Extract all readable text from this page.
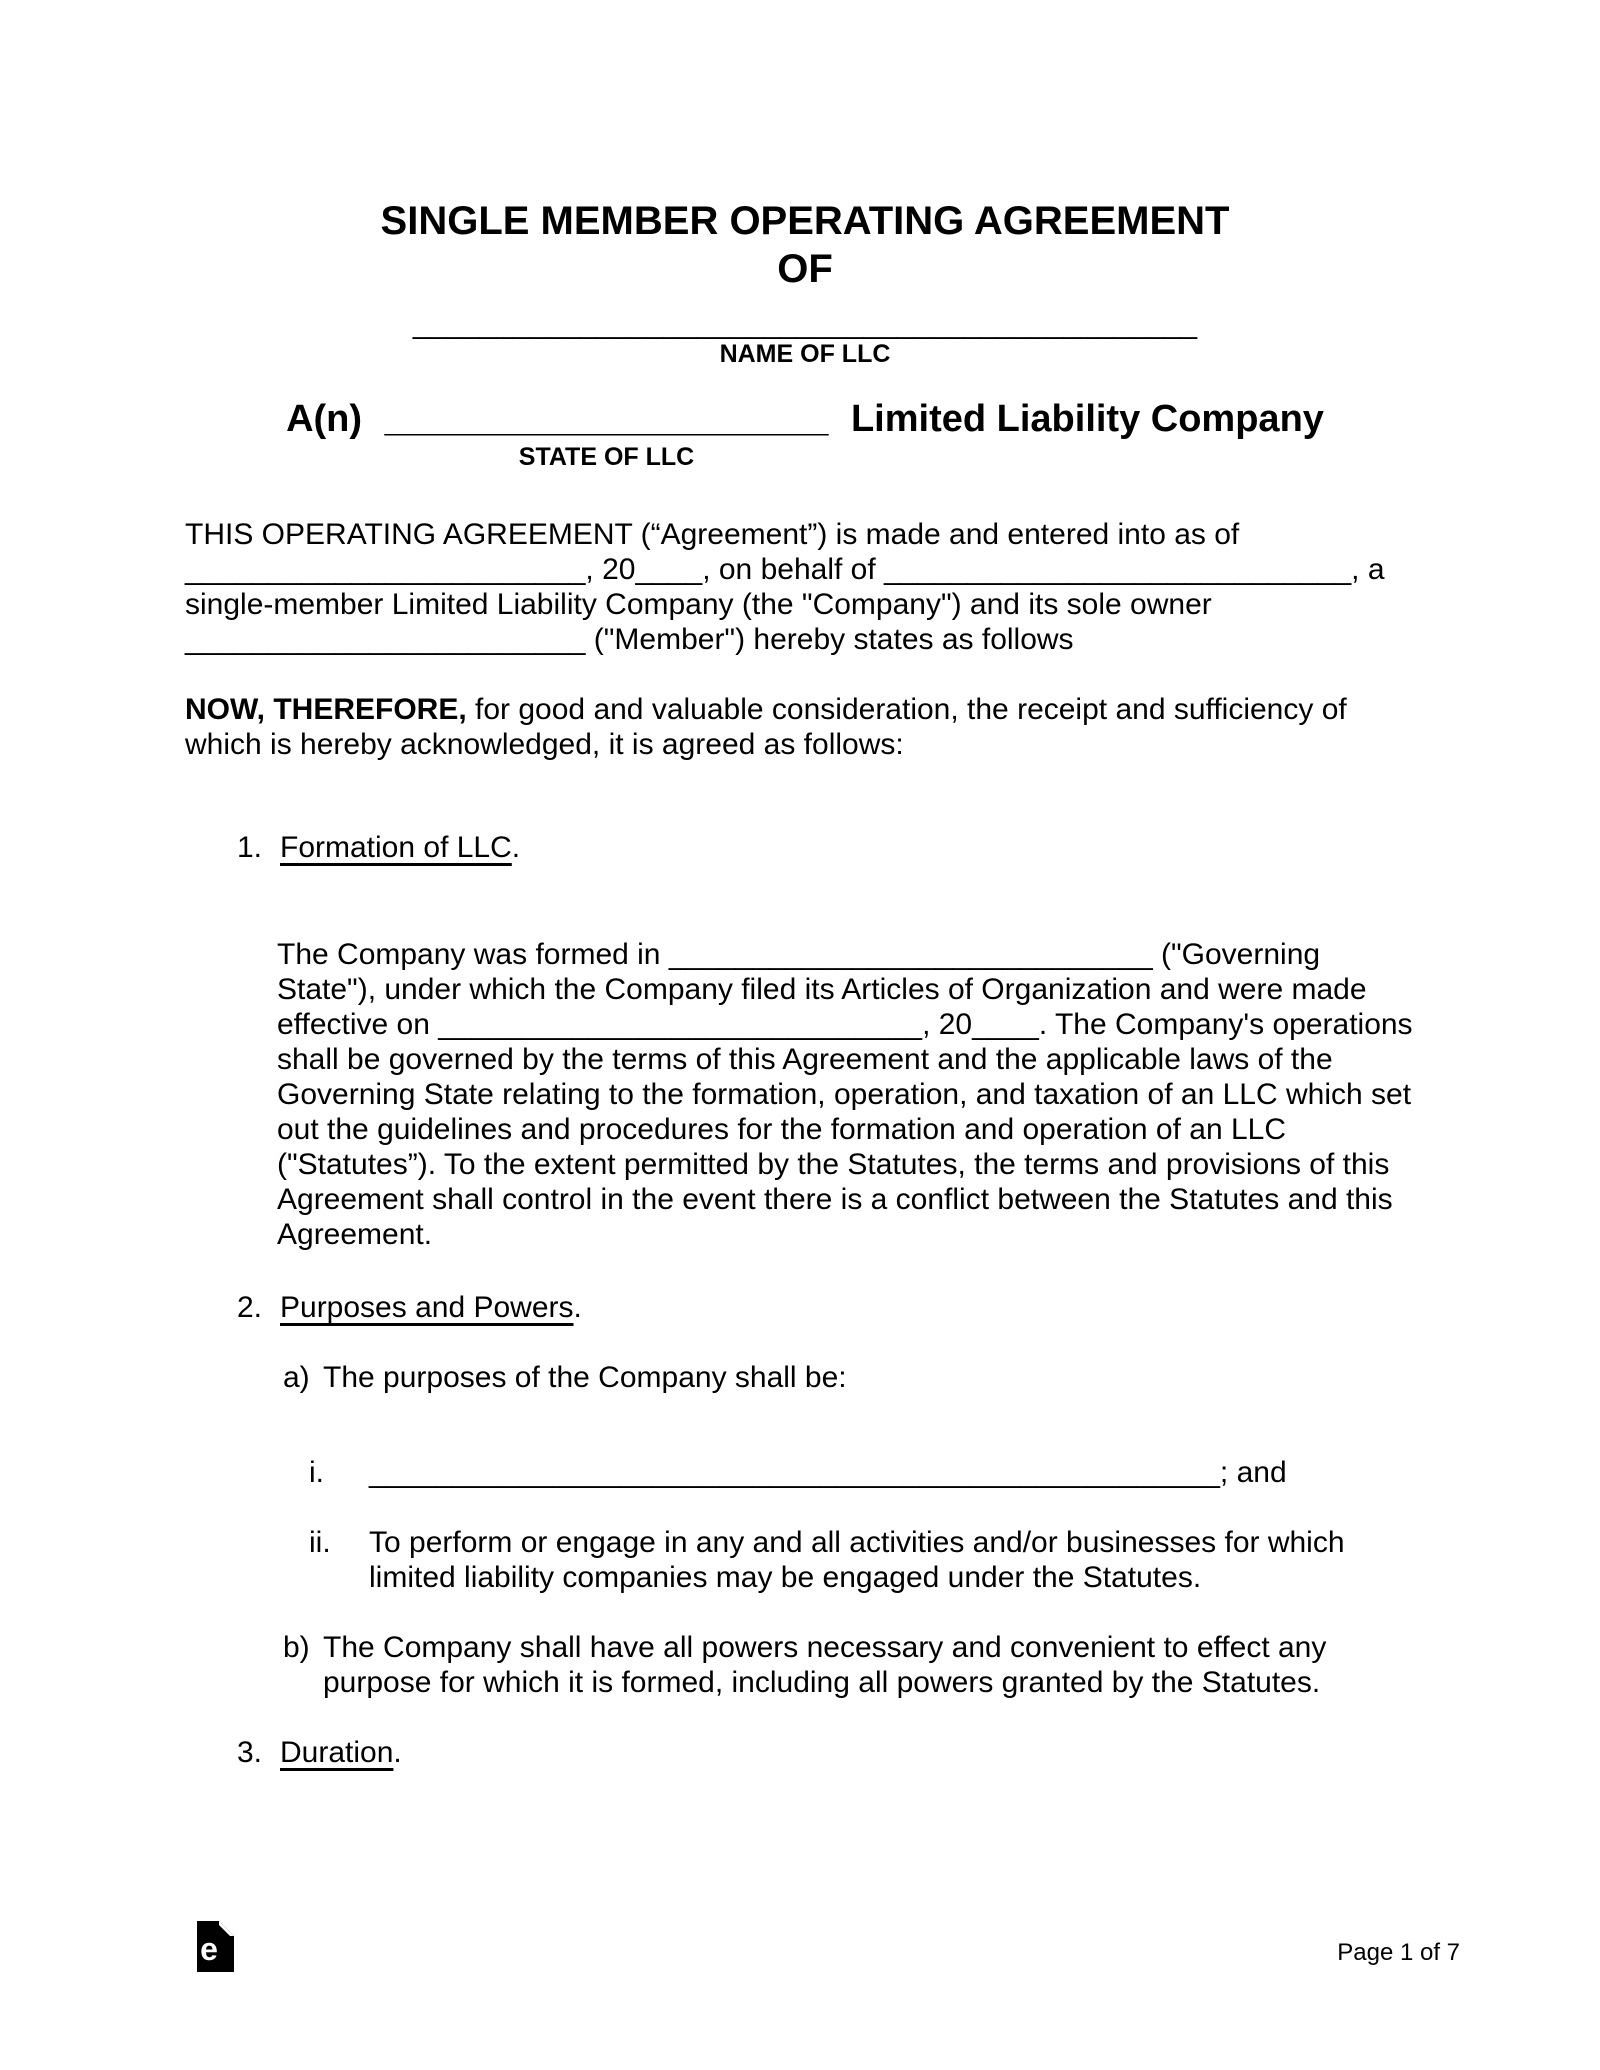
SINGLE MEMBER OPERATING AGREEMENT
OF
_______________________________________________
NAME OF LLC
A(n) _____________________
STATE OF LLC
Limited Liability Company

THIS OPERATING AGREEMENT (“Agreement”) is made and entered into as of ________________________, 20____, on behalf of ____________________________, a single-member Limited Liability Company (the "Company") and its sole owner ________________________ ("Member") hereby states as follows

NOW, THEREFORE, for good and valuable consideration, the receipt and sufficiency of which is hereby acknowledged, it is agreed as follows:

1. Formation of LLC.

The Company was formed in _____________________________ ("Governing State"), under which the Company filed its Articles of Organization and were made effective on _____________________________, 20____. The Company's operations shall be governed by the terms of this Agreement and the applicable laws of the Governing State relating to the formation, operation, and taxation of an LLC which set out the guidelines and procedures for the formation and operation of an LLC ("Statutes”). To the extent permitted by the Statutes, the terms and provisions of this Agreement shall control in the event there is a conflict between the Statutes and this Agreement.

2. Purposes and Powers.
a) The purposes of the Company shall be:
i.	___________________________________________________; and
ii.	To perform or engage in any and all activities and/or businesses for which limited liability companies may be engaged under the Statutes.
b) The Company shall have all powers necessary and convenient to effect any purpose for which it is formed, including all powers granted by the Statutes.
3. Duration.
e	Page 1 of 7
